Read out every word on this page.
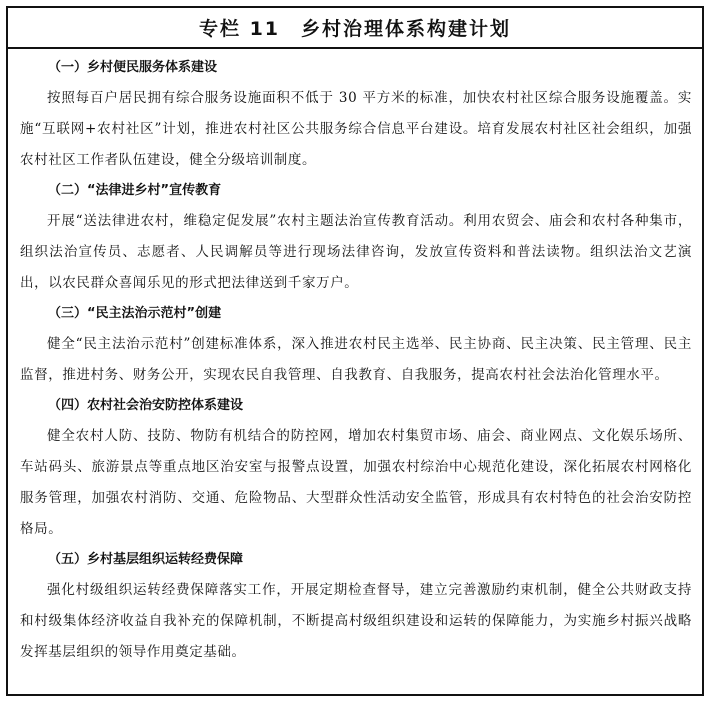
专栏 11　乡村治理体系构建计划
（一）乡村便民服务体系建设

按照每百户居民拥有综合服务设施面积不低于 30 平方米的标准，加快农村社区综合服务设施覆盖。实施“互联网+农村社区”计划，推进农村社区公共服务综合信息平台建设。培育发展农村社区社会组织，加强农村社区工作者队伍建设，健全分级培训制度。

（二）“法律进乡村”宣传教育

开展“送法律进农村，维稳定促发展”农村主题法治宣传教育活动。利用农贸会、庙会和农村各种集市，组织法治宣传员、志愿者、人民调解员等进行现场法律咨询，发放宣传资料和普法读物。组织法治文艺演出，以农民群众喜闻乐见的形式把法律送到千家万户。

（三）“民主法治示范村”创建

健全“民主法治示范村”创建标准体系，深入推进农村民主选举、民主协商、民主决策、民主管理、民主监督，推进村务、财务公开，实现农民自我管理、自我教育、自我服务，提高农村社会法治化管理水平。

（四）农村社会治安防控体系建设

健全农村人防、技防、物防有机结合的防控网，增加农村集贸市场、庙会、商业网点、文化娱乐场所、车站码头、旅游景点等重点地区治安室与报警点设置，加强农村综治中心规范化建设，深化拓展农村网格化服务管理，加强农村消防、交通、危险物品、大型群众性活动安全监管，形成具有农村特色的社会治安防控格局。

（五）乡村基层组织运转经费保障

强化村级组织运转经费保障落实工作，开展定期检查督导，建立完善激励约束机制，健全公共财政支持和村级集体经济收益自我补充的保障机制，不断提高村级组织建设和运转的保障能力，为实施乡村振兴战略发挥基层组织的领导作用奠定基础。
